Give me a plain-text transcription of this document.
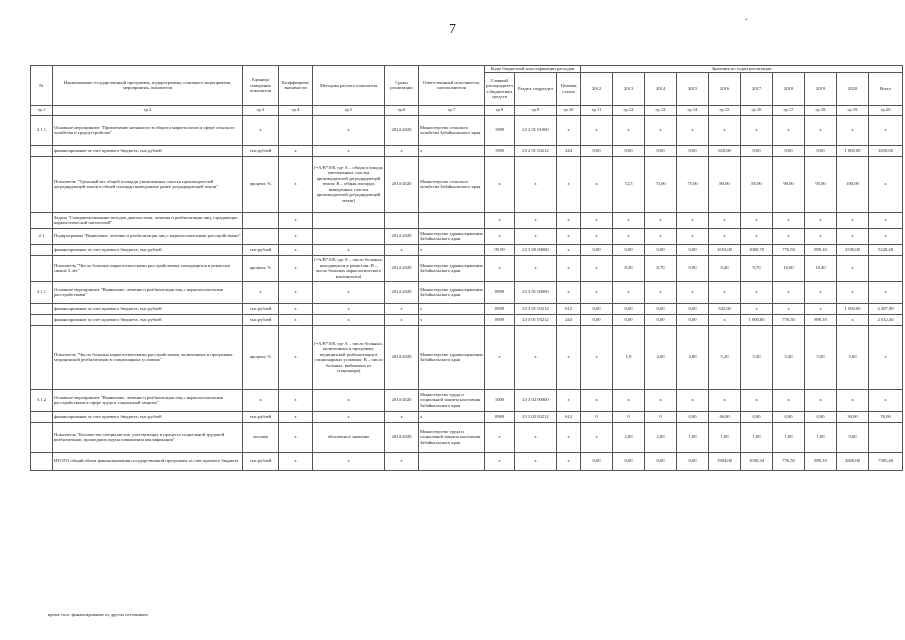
7
.
№	Наименование государственной программы, подпрограммы, основного мероприятия, мероприятия, показателя	Единица измерения показателя	Коэффициент значимости	Методика расчета показателя	Сроки реализации	Ответственный исполнитель, соисполнители	Коды бюджетной классификации расходов			Значения по годам реализации									
							Главный распорядитель бюджетных средств	Раздел, подраздел	Целевая статья	2012	2013	2014	2015	2016	2017	2018	2019	2020	Итого
гр.1	гр.2	гр.3	гр.4	гр.5	гр.6	гр.7	гр.8	гр.9	гр.10	гр.11	гр.12	гр.13	гр.14	гр.15	гр.16	гр.17	гр.18	гр.19	гр.20
2.1.1	Основное мероприятие "Привлечение незанятого в оборота маркетологов и сфере сельского хозяйства и трудоустройства"	х		х	2014-2020	Министерство сельского хозяйства Забайкальского края	1909	23 2 01 01000	х	х	х	х	х	х	х	х	х	х	х
	финансирование за счет краевого бюджета, тыс.рублей	тыс.рублей	х	х	х	х	1909	23 2 01 03212	244	0,00	0,00	0,00	0,00	650,00	0,00	0,00	0,00	1 000,00	1650,00
	Показатель "Удельный вес общей площади увеличенных счастья производителей деградирующей земли в общей площади выведенных ранее деградирующей земли"	процент, %	х	[=А/В*100, где А – общая площадь увеличенных счастья производителей деградирующей земли; В – общая площадь выведенных счастья производителей деградирующей земли]	2014-2020	Министерство сельского хозяйства Забайкальского края	х	х	х	х	72,5	73,00	75,00	80,00	85,00	90,00	95,00	100,00	х
	Задача "Совершенствование методов диагностики, лечения и реабилитации лиц, страдающих наркологической патологией"		х				х	х	х	х	х	х	х	х	х	х	х	х	х
2.1	Подпрограмма "Выявление, лечение и реабилитация лиц с наркологическими расстройствами"		х		2014-2020	Министерство здравоохранения Забайкальского края	х	х	х	х	х	х	х	х	х	х	х	х	х
	финансирование за счет краевого бюджета, тыс.рублей	тыс.рублей	х	х	х	х	09 09	23 3 00 00000	х	0,00	0,00	0,00	0,00	1653,00	1000,70	776,50	899,10	2530,00	5228,40
	Показатель "Число больных наркологическими расстройствами, находящихся в ремиссии свыше 2 лет"	процент, %	х	[=А/В*100, где А – число больных, находящихся в ремиссии; В – число больных наркологического контингента]	2014-2020	Министерство здравоохранения Забайкальского края	х	х	х	х	8,30	8,70	9,00	9,40	9,70	10,00	10,40	х	
3.1.1	Основное мероприятие "Выявление, лечение и реабилитация лиц с наркологическими расстройствами"	х	х	х	2014-2020	Министерство здравоохранения Забайкальского края	0909	23 3 01 00000	х	х	х	х	х	х	х	х	х	х	х
	финансирование за счет краевого бюджета, тыс.рублей	тыс.рублей	х	х	х	х	0909	23 3 01 03212	612	0,00	0,00	0,00	0,00	545,00	х	х	х	1 500,00	2 487,90
	финансирование за счет краевого бюджета, тыс.рублей	тыс.рублей	х	х	х	х	0909	23 3 01 03212	244	0,00	0,00	0,00	0,00	х	1 000,00	776,50	899,10	х	2 612,40
	Показатель "Число больных наркологическими расстройствами, включенных в программы медицинской реабилитации в стационарных условиях"	процент, %	х	[=А/В*100, где А – число больных, включенных в программу медицинской реабилитации в стационарных условиях; В – число больных, выбывших из стационара]	2014-2020	Министерство здравоохранения Забайкальского края	х	х	х	х	1,9	4,00	4,80	5,20	5,30	5,40	5,50	5,60	х
3.1.2	Основное мероприятие "Выявление, лечение и реабилитация лиц с наркологическими расстройствами в сфере труда и социальной защиты"	х	х	х	2014-2020	Министерство труда и социальной защиты населения Забайкальского края	1000	23 3 02 00000	х	х	х	х	х	х	х	х	х	х	х
	финансирование за счет краевого бюджета, тыс.рублей	тыс.рублей	х	х	х	х	0909	23 3 02 03212	612	0	0	0	0,00	46,00	0,00	0,00	0,00	30,00	76,00
	Показатель "Количество специалистов, участвующих в процессе социальной трудовой реабилитации, прошедших курсы повышения квалификации"	человек	х	абсолютное значение	2014-2020	Министерство труда и социальной защиты населения Забайкальского края	х	х	х	х	2,00	2,00	1,00	1,00	1,00	1,00	1,00	9,00	
	ИТОГО общий объем финансирования государственной программы за счет краевого бюджета	тыс.рублей	х	х	х		х	х	х	0,00	0,00	0,00	0,00	1904,00	1030,34	776,50	899,10	2820,00	7385,40
кроме того, финансирование из других источников:
